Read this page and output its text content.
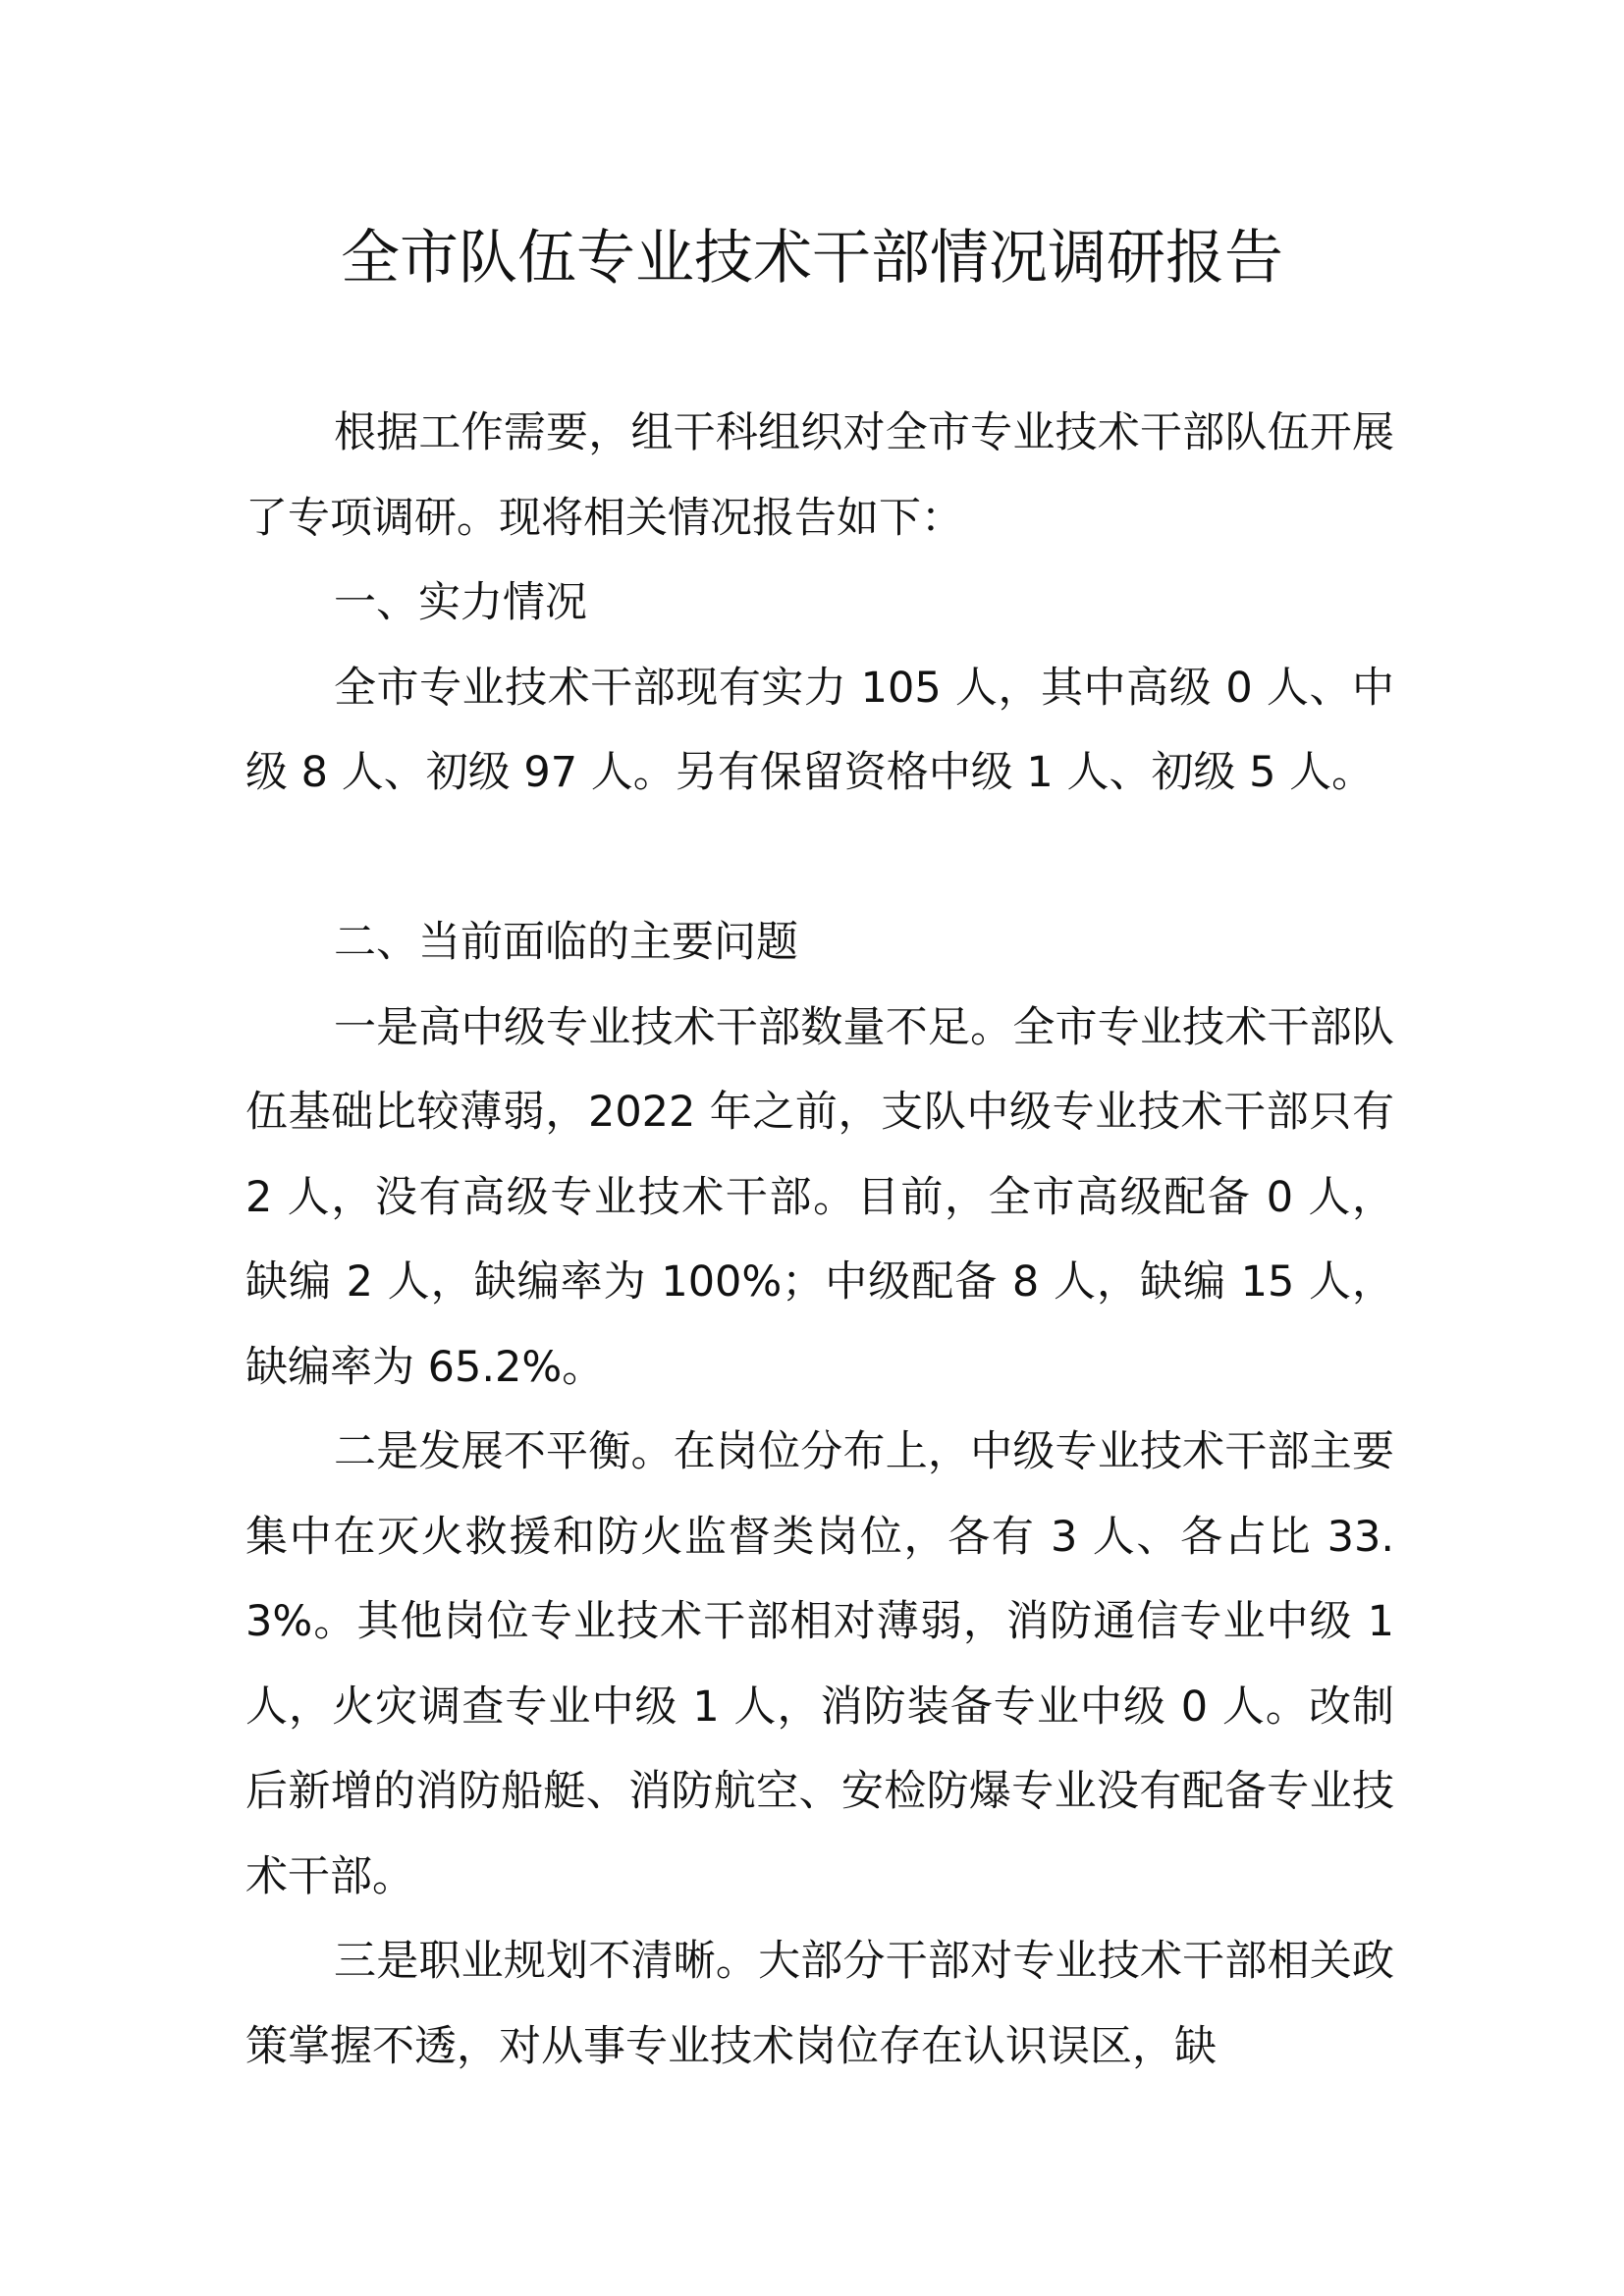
全市队伍专业技术干部情况调研报告

根据工作需要，组干科组织对全市专业技术干部队伍开展了专项调研。现将相关情况报告如下：

一、实力情况

全市专业技术干部现有实力 105 人，其中高级 0 人、中级 8 人、初级 97 人。另有保留资格中级 1 人、初级 5 人。

二、当前面临的主要问题

一是高中级专业技术干部数量不足。全市专业技术干部队伍基础比较薄弱，2022 年之前，支队中级专业技术干部只有 2 人，没有高级专业技术干部。目前，全市高级配备 0 人，缺编 2 人，缺编率为 100%；中级配备 8 人，缺编 15 人，缺编率为 65.2%。

二是发展不平衡。在岗位分布上，中级专业技术干部主要集中在灭火救援和防火监督类岗位，各有 3 人、各占比 33.3%。其他岗位专业技术干部相对薄弱，消防通信专业中级 1 人，火灾调查专业中级 1 人，消防装备专业中级 0 人。改制后新增的消防船艇、消防航空、安检防爆专业没有配备专业技术干部。

三是职业规划不清晰。大部分干部对专业技术干部相关政策掌握不透，对从事专业技术岗位存在认识误区，缺
